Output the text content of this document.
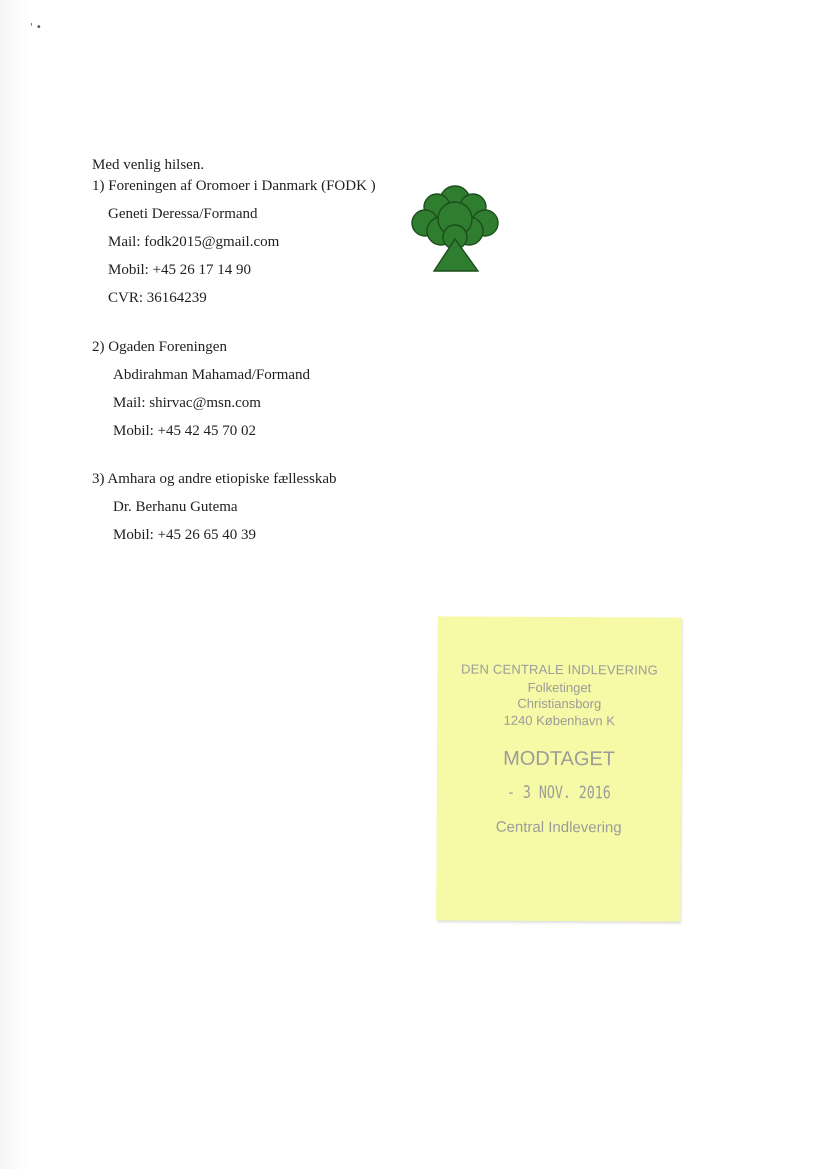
' •
Med venlig hilsen.
1) Foreningen af Oromoer i Danmark (FODK )
Geneti Deressa/Formand
Mail: fodk2015@gmail.com
Mobil: +45 26 17 14 90
CVR: 36164239
2) Ogaden Foreningen
Abdirahman Mahamad/Formand
Mail: shirvac@msn.com
Mobil: +45 42 45 70 02
3) Amhara og andre etiopiske fællesskab
Dr. Berhanu Gutema
Mobil: +45 26 65 40 39
DEN CENTRALE INDLEVERING
Folketinget
Christiansborg
1240 København K
MODTAGET
- 3 NOV. 2016
Central Indlevering
